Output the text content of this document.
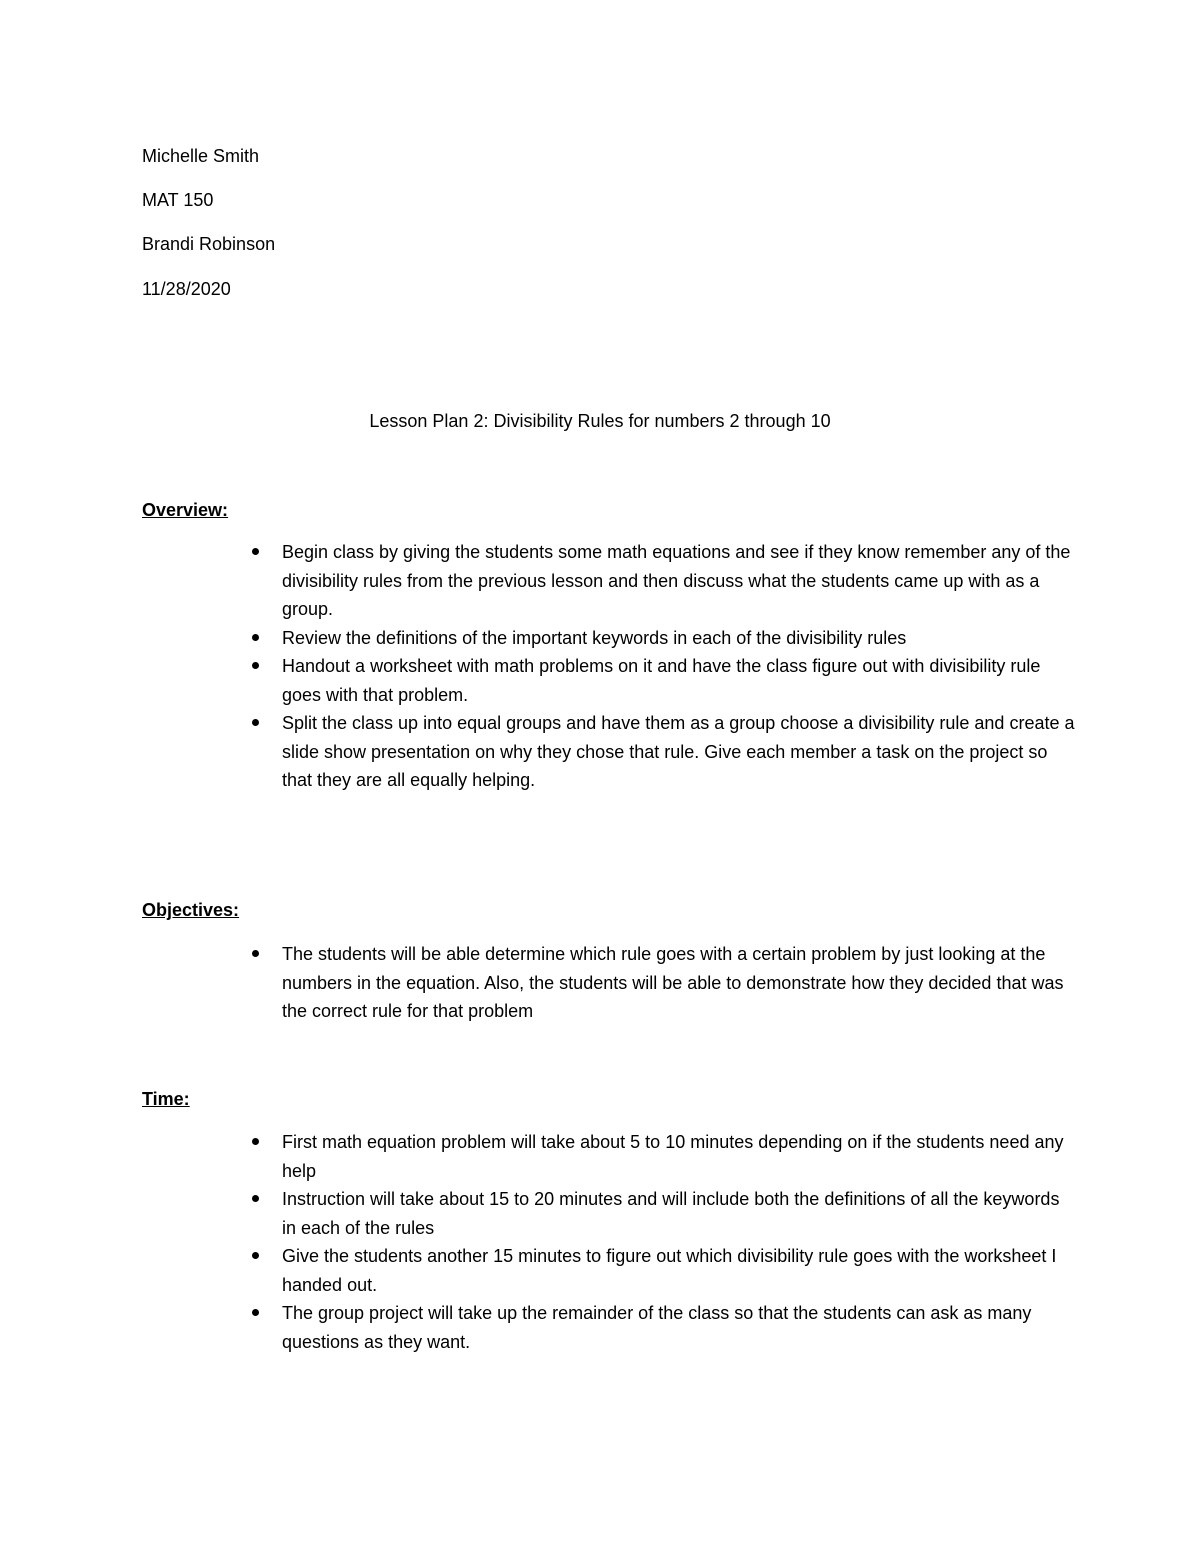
Michelle Smith
MAT 150
Brandi Robinson
11/28/2020
Lesson Plan 2: Divisibility Rules for numbers 2 through 10
Overview:
Begin class by giving the students some math equations and see if they know remember any of the divisibility rules from the previous lesson and then discuss what the students came up with as a group.
Review the definitions of the important keywords in each of the divisibility rules
Handout a worksheet with math problems on it and have the class figure out with divisibility rule goes with that problem.
Split the class up into equal groups and have them as a group choose a divisibility rule and create a slide show presentation on why they chose that rule. Give each member a task on the project so that they are all equally helping.
Objectives:
The students will be able determine which rule goes with a certain problem by just looking at the numbers in the equation. Also, the students will be able to demonstrate how they decided that was the correct rule for that problem
Time:
First math equation problem will take about 5 to 10 minutes depending on if the students need any help
Instruction will take about 15 to 20 minutes and will include both the definitions of all the keywords in each of the rules
Give the students another 15 minutes to figure out which divisibility rule goes with the worksheet I handed out.
The group project will take up the remainder of the class so that the students can ask as many questions as they want.
